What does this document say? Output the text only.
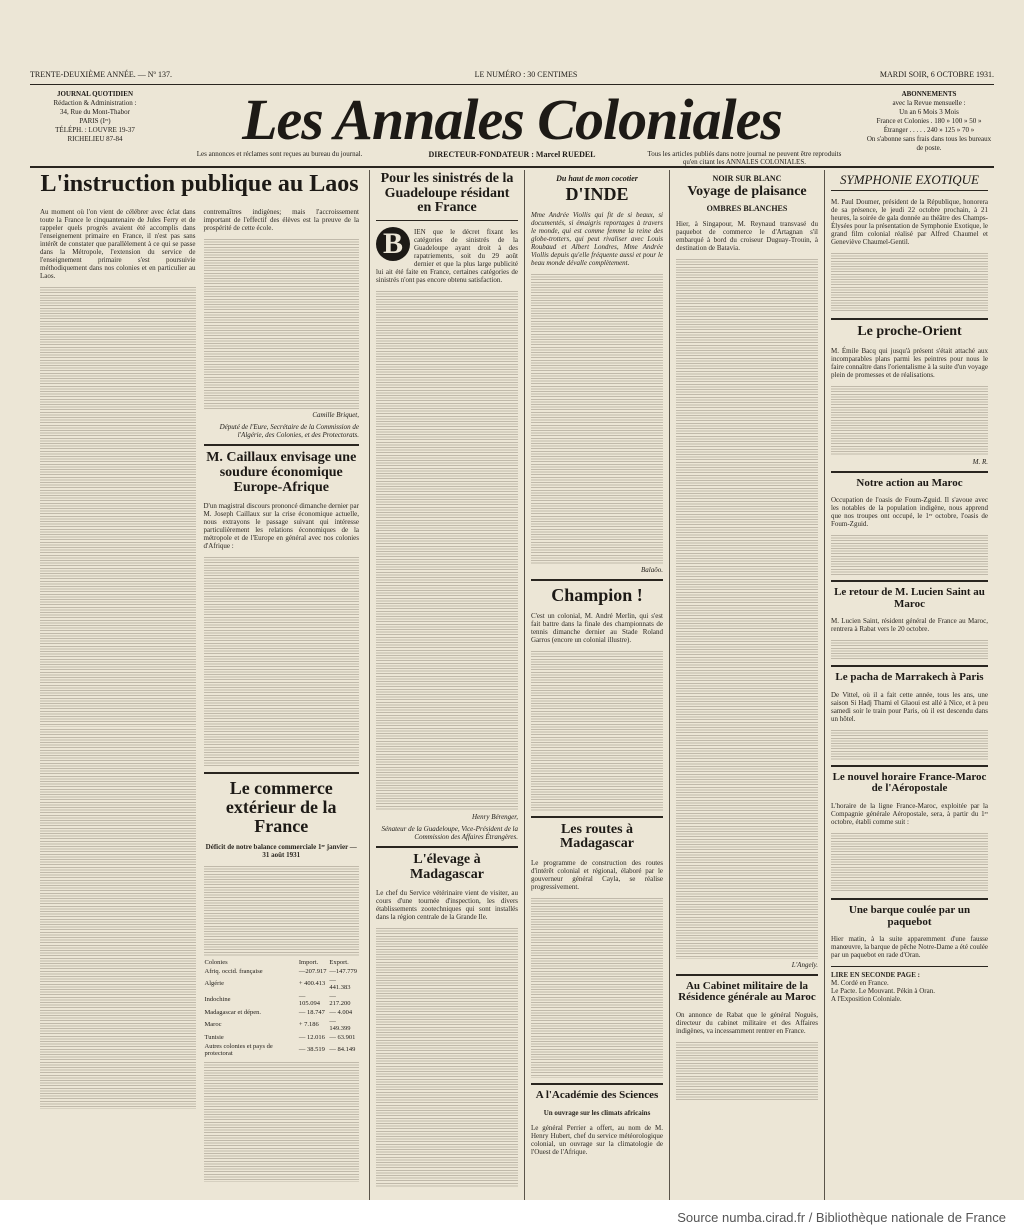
TRENTE-DEUXIÈME ANNÉE. — Nº 137.	LE NUMÉRO : 30 CENTIMES	MARDI SOIR, 6 OCTOBRE 1931.
JOURNAL QUOTIDIEN
Rédaction & Administration :
34, Rue du Mont-Thabor
PARIS (Iᵉʳ)
TÉLÉPH. : LOUVRE 19-37
RICHELIEU 87-84	Les Annales Coloniales
Les annonces et réclames sont reçues au bureau du journal.	DIRECTEUR-FONDATEUR : Marcel RUEDEL	Tous les articles publiés dans notre journal ne peuvent être reproduits qu'en citant les ANNALES COLONIALES.
ABONNEMENTS
avec la Revue mensuelle :
Un an 6 Mois 3 Mois
France et Colonies . 180 » 100 » 50 »
Étranger . . . . . 240 » 125 » 70 »
On s'abonne sans frais dans tous les bureaux de poste.
L'instruction publique au Laos

Au moment où l'on vient de célébrer avec éclat dans toute la France le cinquantenaire de Jules Ferry et de rappeler quels progrès avaient été accomplis dans l'enseignement primaire en France, il n'est pas sans intérêt de constater que parallèlement à ce qui se passe dans la Métropole, l'extension du service de l'enseignement primaire s'est poursuivie méthodiquement dans nos colonies et en particulier au Laos.

contremaîtres indigènes; mais l'accroissement important de l'effectif des élèves est la preuve de la prospérité de cette école.

Camille Briquet,
Député de l'Eure, Secrétaire de la Commission de l'Algérie, des Colonies, et des Protectorats.
M. Caillaux envisage une soudure économique Europe-Afrique

D'un magistral discours prononcé dimanche dernier par M. Joseph Caillaux sur la crise économique actuelle, nous extrayons le passage suivant qui intéresse particulièrement les relations économiques de la métropole et de l'Europe en général avec nos colonies d'Afrique :

Le commerce extérieur de la France

Déficit de notre balance commerciale 1ᵉʳ janvier — 31 août 1931

Colonies	Import.	Export.
Afriq. occid. française	—207.917	—147.779
Algérie	+ 400.413	— 441.383
Indochine	— 105.094	— 217.200
Madagascar et dépen.	— 18.747	— 4.004
Maroc	+ 7.186	— 149.399
Tunisie	— 12.016	— 63.901
Autres colonies et pays de protectorat	— 38.519	— 84.149
Pour les sinistrés de la Guadeloupe résidant en France
B	IEN que le décret fixant les catégories de sinistrés de la Guadeloupe ayant droit à des rapatriements, soit du 29 août dernier et que la plus large publicité lui ait été faite en France, certaines catégories de sinistrés n'ont pas encore obtenu satisfaction.

Henry Bérenger,
Sénateur de la Guadeloupe, Vice-Président de la Commission des Affaires Étrangères.
L'élevage à Madagascar

Le chef du Service vétérinaire vient de visiter, au cours d'une tournée d'inspection, les divers établissements zootechniques qui sont installés dans la région centrale de la Grande Ile.

Du haut de mon cocotier
D'INDE

Mme Andrée Viollis qui fit de si beaux, si documentés, si émaigris reportages à travers le monde, qui est comme femme la reine des globe-trotters, qui peut rivaliser avec Louis Roubaud et Albert Londres, Mme Andrée Viollis depuis qu'elle fréquente aussi et pour le beau monde dévalle complètement.

Balaôo.
Champion !

C'est un colonial, M. André Merlin, qui s'est fait battre dans la finale des championnats de tennis dimanche dernier au Stade Roland Garros (encore un colonial illustre).

Les routes à Madagascar

Le programme de construction des routes d'intérêt colonial et régional, élaboré par le gouverneur général Cayla, se réalise progressivement.

A l'Académie des Sciences

Un ouvrage sur les climats africains

Le général Perrier a offert, au nom de M. Henry Hubert, chef du service météorologique colonial, un ouvrage sur la climatologie de l'Ouest de l'Afrique.

NOIR SUR BLANC
Voyage de plaisance
OMBRES BLANCHES

Hier, à Singapour, M. Reynaud transvasé du paquebot de commerce le d'Artagnan s'il embarqué à bord du croiseur Duguay-Trouin, à destination de Batavia.

L'Angely.
Au Cabinet militaire de la Résidence générale au Maroc

On annonce de Rabat que le général Noguès, directeur du cabinet militaire et des Affaires indigènes, va incessamment rentrer en France.

SYMPHONIE EXOTIQUE

M. Paul Doumer, président de la République, honorera de sa présence, le jeudi 22 octobre prochain, à 21 heures, la soirée de gala donnée au théâtre des Champs-Élysées pour la présentation de Symphonie Exotique, le grand film colonial réalisé par Alfred Chaumel et Geneviève Chaumel-Gentil.

Le proche-Orient

M. Émile Bacq qui jusqu'à présent s'était attaché aux incomparables plans parmi les peintres pour nous le faire connaître dans l'orientalisme à la suite d'un voyage plein de promesses et de réalisations.

M. R.
Notre action au Maroc

Occupation de l'oasis de Foum-Zguid. Il s'avoue avec les notables de la population indigène, nous apprend que nos troupes ont occupé, le 1ᵉʳ octobre, l'oasis de Foum-Zguid.

Le retour de M. Lucien Saint au Maroc

M. Lucien Saint, résident général de France au Maroc, rentrera à Rabat vers le 20 octobre.

Le pacha de Marrakech à Paris

De Vittel, où il a fait cette année, tous les ans, une saison Si Hadj Thami el Glaoui est allé à Nice, et à peu samedi soir le train pour Paris, où il est descendu dans un hôtel.

Le nouvel horaire France-Maroc de l'Aéropostale

L'horaire de la ligne France-Maroc, exploitée par la Compagnie générale Aéropostale, sera, à partir du 1ᵉʳ octobre, établi comme suit :

Une barque coulée par un paquebot

Hier matin, à la suite apparemment d'une fausse manœuvre, la barque de pêche Notre-Dame a été coulée par un paquebot en rade d'Oran.

LIRE EN SECONDE PAGE :
M. Cordé en France.
Le Pacte. Le Mouvant. Pékin à Oran.
A l'Exposition Coloniale.
Source numba.cirad.fr / Bibliothèque nationale de France
